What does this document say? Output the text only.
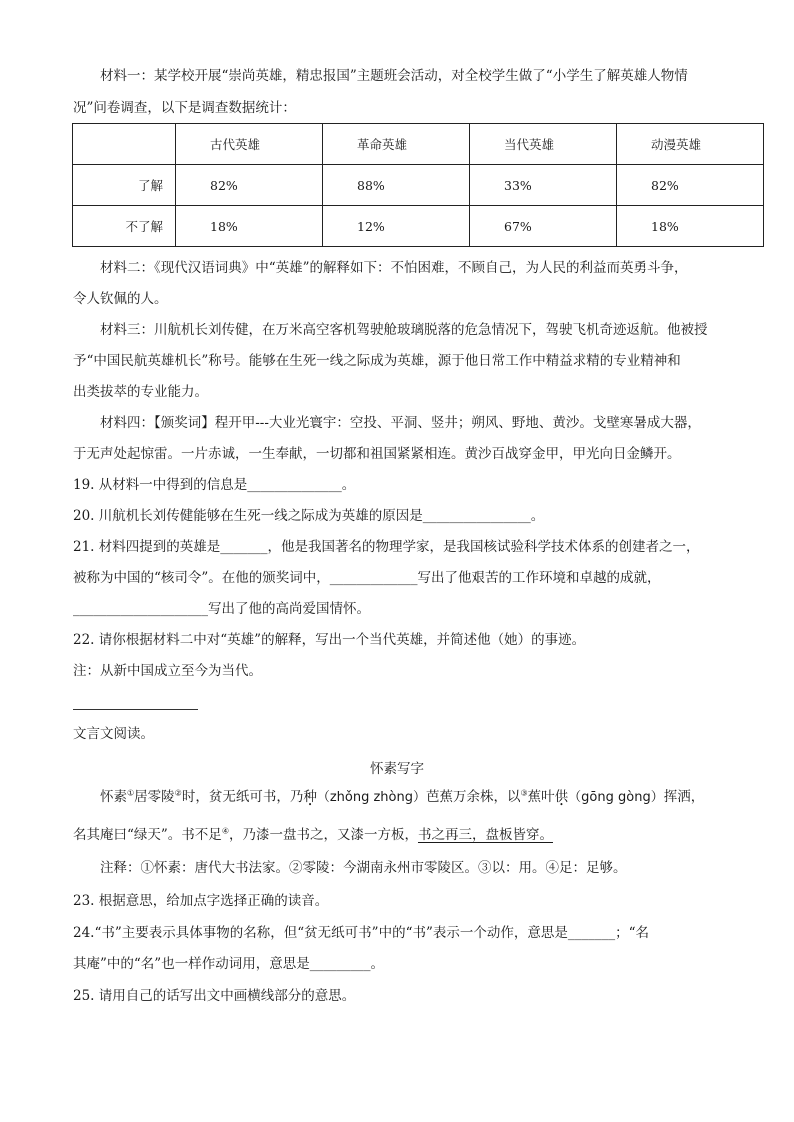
材料一：某学校开展“崇尚英雄，精忠报国”主题班会活动，对全校学生做了“小学生了解英雄人物情
况”问卷调查，以下是调查数据统计：
	古代英雄	革命英雄	当代英雄	动漫英雄
了解	82%	88%	33%	82%
不了解	18%	12%	67%	18%
材料二：《现代汉语词典》中“英雄”的解释如下：不怕困难，不顾自己，为人民的利益而英勇斗争，
令人钦佩的人。
材料三：川航机长刘传健，在万米高空客机驾驶舱玻璃脱落的危急情况下，驾驶飞机奇迹返航。他被授
予“中国民航英雄机长”称号。能够在生死一线之际成为英雄，源于他日常工作中精益求精的专业精神和
出类拔萃的专业能力。
材料四：【颁奖词】程开甲---大业光寰宇：空投、平洞、竖井；朔风、野地、黄沙。戈壁寒暑成大器，
于无声处起惊雷。一片赤诚，一生奉献，一切都和祖国紧紧相连。黄沙百战穿金甲，甲光向日金鳞开。
19. 从材料一中得到的信息是______________。
20. 川航机长刘传健能够在生死一线之际成为英雄的原因是________________。
21. 材料四提到的英雄是_______，他是我国著名的物理学家，是我国核试验科学技术体系的创建者之一，
被称为中国的“核司令”。在他的颁奖词中，_____________写出了他艰苦的工作环境和卓越的成就，
____________________写出了他的高尚爱国情怀。
22. 请你根据材料二中对“英雄”的解释，写出一个当代英雄，并简述他（她）的事迹。
注：从新中国成立至今为当代。
文言文阅读。
怀素写字
怀素①居零陵②时，贫无纸可书，乃种（zhǒng zhòng）芭蕉万余株，以③蕉叶供（gōng gòng）挥洒，
名其庵曰“绿天”。书不足④，乃漆一盘书之，又漆一方板，书之再三，盘板皆穿。
注释：①怀素：唐代大书法家。②零陵：今湖南永州市零陵区。③以：用。④足：足够。
23. 根据意思，给加点字选择正确的读音。
24.“书”主要表示具体事物的名称，但“贫无纸可书”中的“书”表示一个动作，意思是_______；“名
其庵”中的“名”也一样作动词用，意思是_________。
25. 请用自己的话写出文中画横线部分的意思。
